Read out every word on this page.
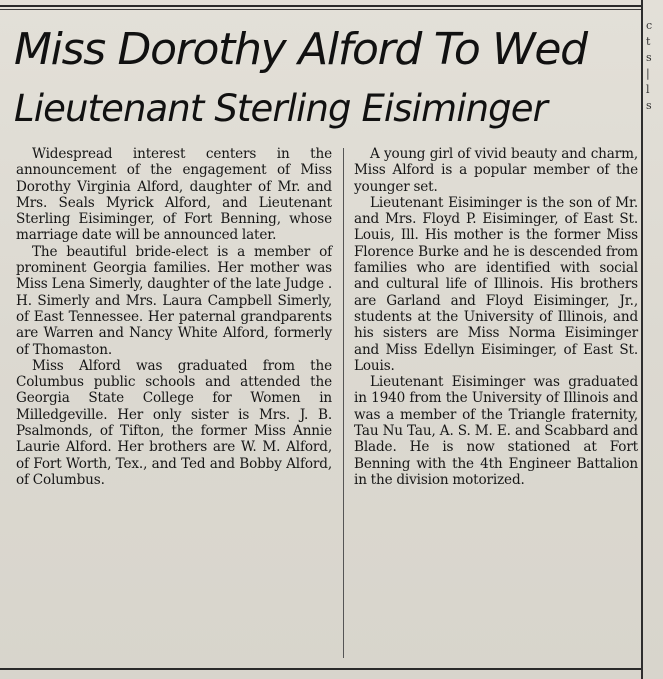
Miss Dorothy Alford To Wed
Lieutenant Sterling Eisiminger

Widespread interest centers in the announcement of the engagement of Miss Dorothy Virginia Alford, daughter of Mr. and Mrs. Seals Myrick Alford, and Lieutenant Sterling Eisiminger, of Fort Benning, whose marriage date will be announced later.

The beautiful bride-elect is a member of prominent Georgia families. Her mother was Miss Lena Simerly, daughter of the late Judge . H. Simerly and Mrs. Laura Campbell Simerly, of East Tennessee. Her paternal grandparents are Warren and Nancy White Alford, formerly of Thomaston.

Miss Alford was graduated from the Columbus public schools and attended the Georgia State College for Women in Milledgeville. Her only sister is Mrs. J. B. Psalmonds, of Tifton, the former Miss Annie Laurie Alford. Her brothers are W. M. Alford, of Fort Worth, Tex., and Ted and Bobby Alford, of Columbus.

A young girl of vivid beauty and charm, Miss Alford is a popular member of the younger set.

Lieutenant Eisiminger is the son of Mr. and Mrs. Floyd P. Eisiminger, of East St. Louis, Ill. His mother is the former Miss Florence Burke and he is descended from families who are identified with social and cultural life of Illinois. His brothers are Garland and Floyd Eisiminger, Jr., students at the University of Illinois, and his sisters are Miss Norma Eisiminger and Miss Edellyn Eisiminger, of East St. Louis.

Lieutenant Eisiminger was graduated in 1940 from the University of Illinois and was a member of the Triangle fraternity, Tau Nu Tau, A. S. M. E. and Scabbard and Blade. He is now stationed at Fort Benning with the 4th Engineer Battalion in the division motorized.

c
t
s
|
l
s
